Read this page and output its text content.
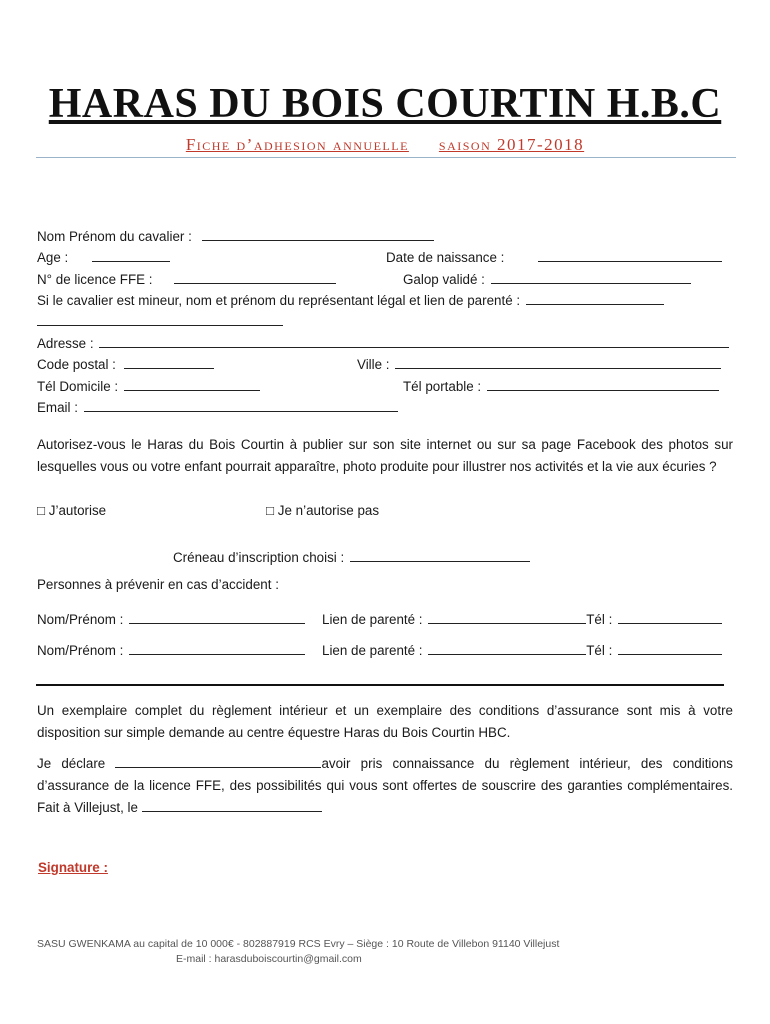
HARAS DU BOIS COURTIN H.B.C
Fiche d’adhesion annuelle saison 2017-2018
Nom Prénom du cavalier :
Age :	Date de naissance :
N° de licence FFE :	Galop validé :
Si le cavalier est mineur, nom et prénom du représentant légal et lien de parenté :
Adresse :
Code postal :	Ville :
Tél Domicile :	Tél portable :
Email :
Autorisez-vous le Haras du Bois Courtin à publier sur son site internet ou sur sa page Facebook des photos sur lesquelles vous ou votre enfant pourrait apparaître, photo produite pour illustrer nos activités et la vie aux écuries ?
□ J’autorise	□ Je n’autorise pas
Créneau d’inscription choisi :
Personnes à prévenir en cas d’accident :
Nom/Prénom :	Lien de parenté :	Tél :
Nom/Prénom :	Lien de parenté :	Tél :
Un exemplaire complet du règlement intérieur et un exemplaire des conditions d’assurance sont mis à votre disposition sur simple demande au centre équestre Haras du Bois Courtin HBC.
Je déclare	avoir pris connaissance du règlement intérieur, des conditions d’assurance de la licence FFE, des possibilités qui vous sont offertes de souscrire des garanties complémentaires. Fait à Villejust, le
Signature :
SASU GWENKAMA au capital de 10 000€ - 802887919 RCS Evry – Siège : 10 Route de Villebon 91140 Villejust
E-mail : harasduboiscourtin@gmail.com
